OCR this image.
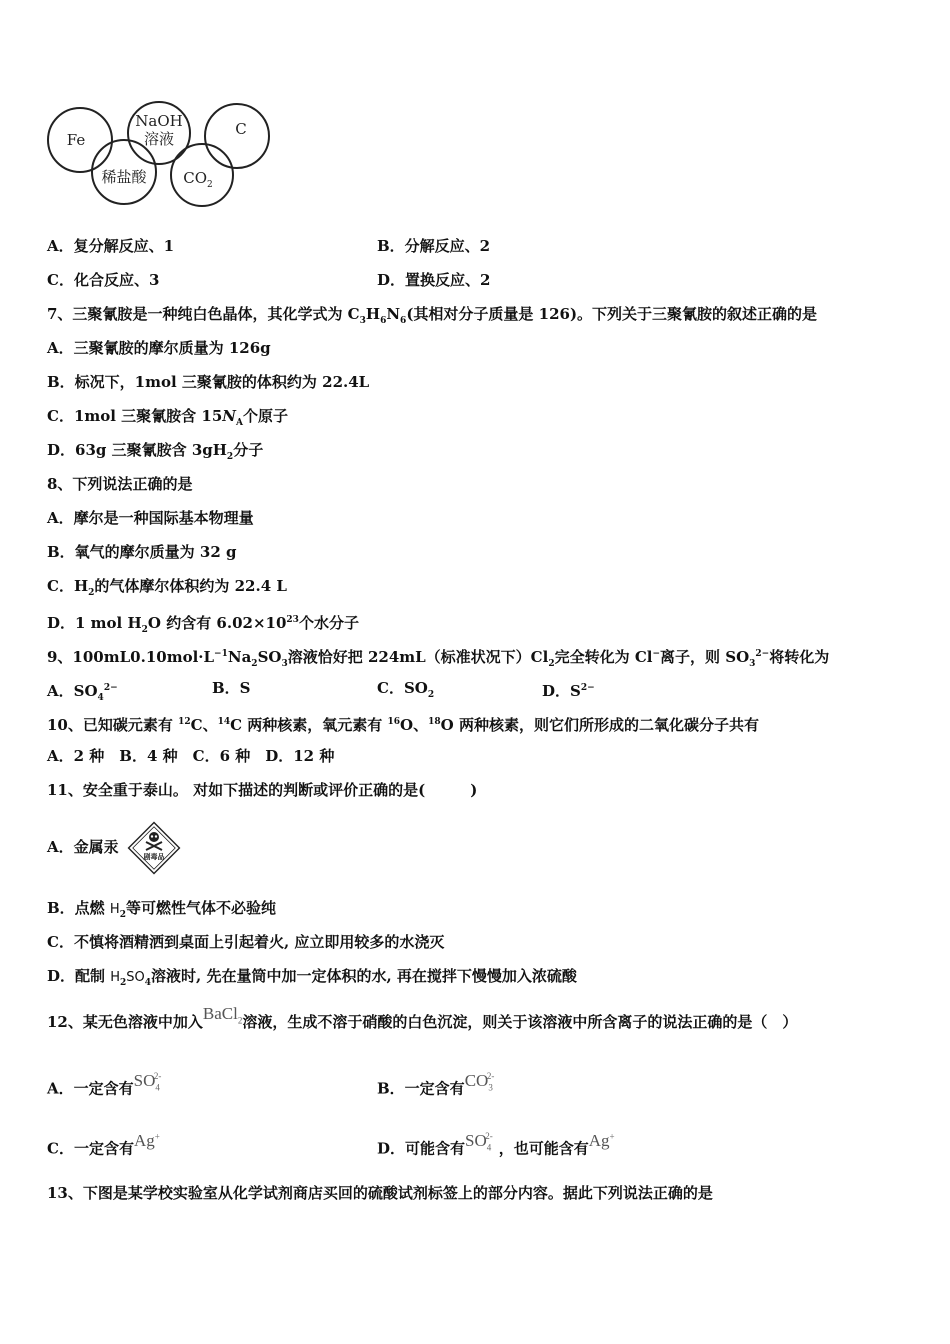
Fe
NaOH
溶液
C
稀盐酸 $CO_2$
A．复分解反应、1	B．分解反应、2
C．化合反应、3	D．置换反应、2
7、三聚氰胺是一种纯白色晶体，其化学式为 $C_3H_6N_6$(其相对分子质量是 126)。下列关于三聚氰胺的叙述正确的是
A．三聚氰胺的摩尔质量为 126g
B．标况下，1mol 三聚氰胺的体积约为 22.4L
C．1mol 三聚氰胺含 $15N_A$个原子
D．63g 三聚氰胺含 $3gH_2$分子
8、下列说法正确的是
A．摩尔是一种国际基本物理量
B．氧气的摩尔质量为 32 g
C．$H_2$的气体摩尔体积约为 22.4 L
D．1 mol $H_2O$ 约含有 $6.02\times 10^{23}$个水分子
9、$100mL0.10mol\cdot L^{-1}Na_2SO_3$溶液恰好把 224mL（标准状况下）$Cl_2$完全转化为 Cl−离子，则 $SO_3^{2-}$将转化为
A．$SO_4^{2-}$	B．S	C．$SO_2$	D．$S^{2-}$
10、已知碳元素有 $^{12}$C、$^{14}$C 两种核素，氧元素有 $^{16}$O、$^{18}$O 两种核素，则它们所形成的二氧化碳分子共有
A．2 种　B．4 种　C．6 种　D．12 种
11、安全重于泰山。 对如下描述的判断或评价正确的是(　　　)
A．金属汞
剧毒品
B．点燃 $H_2$等可燃性气体不必验纯
C．不慎将酒精洒到桌面上引起着火, 应立即用较多的水浇灭
D．配制 $H_2SO_4$溶液时, 先在量筒中加一定体积的水, 再在搅拌下慢慢加入浓硫酸
12、某无色溶液中加入BaCl$_2$溶液，生成不溶于硝酸的白色沉淀，则关于该溶液中所含离子的说法正确的是（　）
A．一定含有$SO_4^{2-}$
B．一定含有$CO_3^{2-}$
C．一定含有Ag+
D．可能含有$SO_4^{2-}$，也可能含有Ag+
13、下图是某学校实验室从化学试剂商店买回的硫酸试剂标签上的部分内容。据此下列说法正确的是
